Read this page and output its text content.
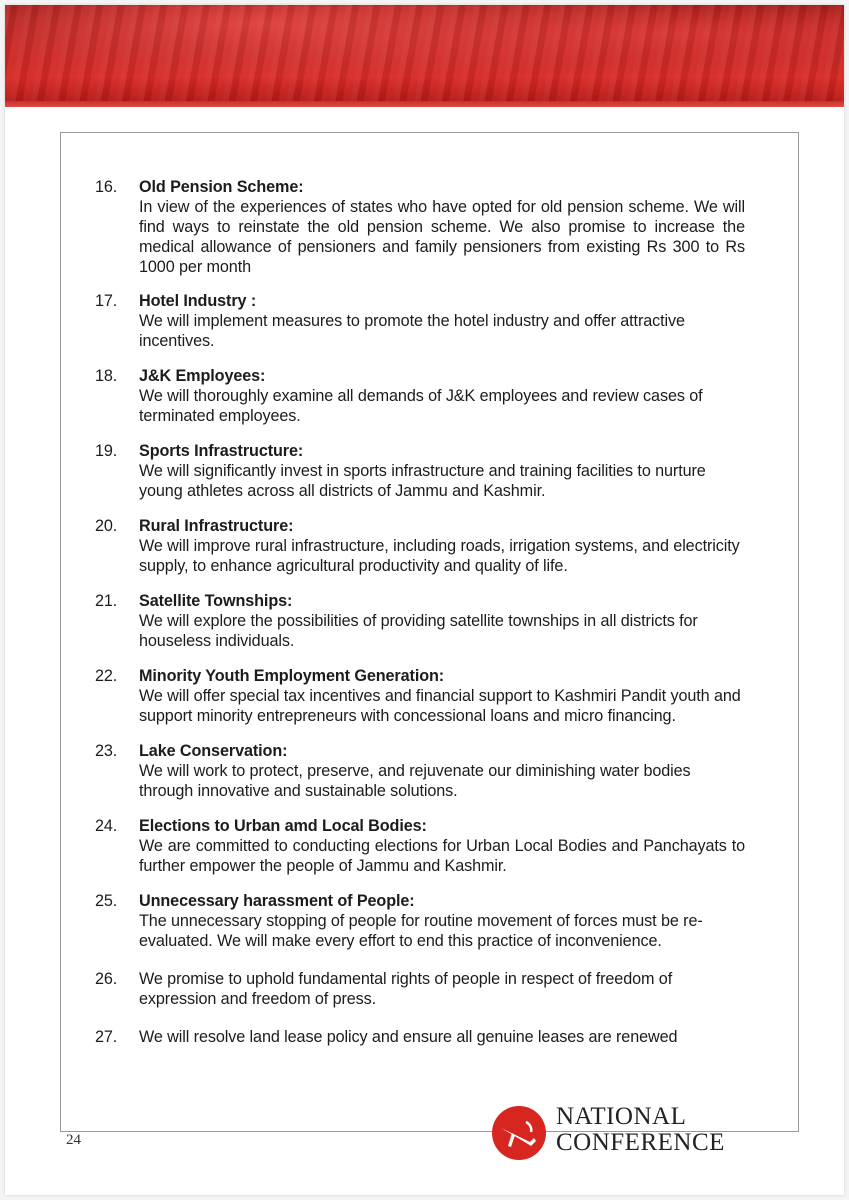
16. Old Pension Scheme:
In view of the experiences of states who have opted for old pension scheme. We will find ways to reinstate the old pension scheme. We also promise to increase the medical allowance of pensioners and family pensioners from existing Rs 300 to Rs 1000 per month
17. Hotel Industry :
We will implement measures to promote the hotel industry and offer attractive incentives.
18. J&K Employees:
We will thoroughly examine all demands of J&K employees and review cases of terminated employees.
19. Sports Infrastructure:
We will significantly invest in sports infrastructure and training facilities to nurture young athletes across all districts of Jammu and Kashmir.
20. Rural Infrastructure:
We will improve rural infrastructure, including roads, irrigation systems, and electricity supply, to enhance agricultural productivity and quality of life.
21. Satellite Townships:
We will explore the possibilities of providing satellite townships in all districts for houseless individuals.
22. Minority Youth Employment Generation:
We will offer special tax incentives and financial support to Kashmiri Pandit youth and support minority entrepreneurs with concessional loans and micro financing.
23. Lake Conservation:
We will work to protect, preserve, and rejuvenate our diminishing water bodies through innovative and sustainable solutions.
24. Elections to Urban amd Local Bodies:
We are committed to conducting elections for Urban Local Bodies and Panchayats to further empower the people of Jammu and Kashmir.
25. Unnecessary harassment of People:
The unnecessary stopping of people for routine movement of forces must be re-evaluated. We will make every effort to end this practice of inconvenience.
26. We promise to uphold fundamental rights of people in respect of freedom of expression and freedom of press.
27. We will resolve land lease policy and ensure all genuine leases are renewed
24
NATIONAL
CONFERENCE
